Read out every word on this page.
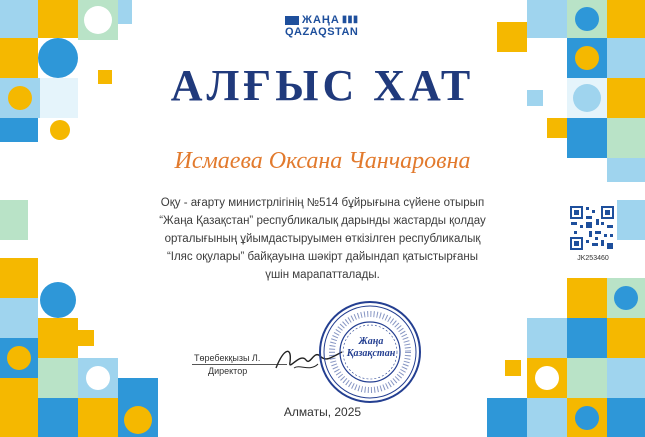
ЖАҢА ▮▮▮
QAZAQSTAN
АЛҒЫС ХАТ
Исмаева Оксана Чанчаровна
Оқу - ағарту министрлігінің №514 бұйрығына сүйене отырып
“Жаңа Қазақстан” республикалық дарынды жастарды қолдау
орталығының ұйымдастыруымен өткізілген республикалық
“Іляс оқулары” байқауына шәкірт дайындап қатыстырғаны
үшін марапатталады.
JK253460
Төребекқызы Л.
Директор
Жаңа
Қазақстан
Алматы, 2025
